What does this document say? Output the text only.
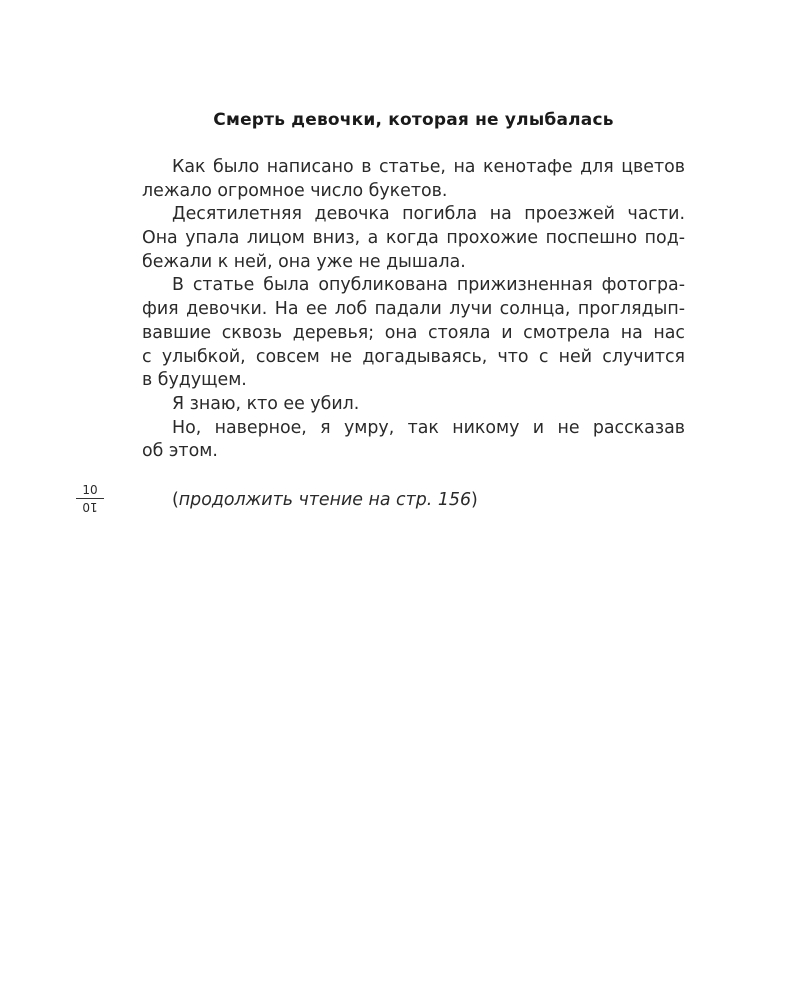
Смерть девочки, которая не улыбалась
Как было написано в статье, на кенотафе для цветов
лежало огромное число букетов.
Десятилетняя девочка погибла на проезжей части.
Она упала лицом вниз, а когда прохожие поспешно под-
бежали к ней, она уже не дышала.
В статье была опубликована прижизненная фотогра-
фия девочки. На ее лоб падали лучи солнца, проглядып-
вавшие сквозь деревья; она стояла и смотрела на нас
с улыбкой, совсем не догадываясь, что с ней случится
в будущем.
Я знаю, кто ее убил.
Но, наверное, я умру, так никому и не рассказав
об этом.
(продолжить чтение на стр. 156)
10
10
